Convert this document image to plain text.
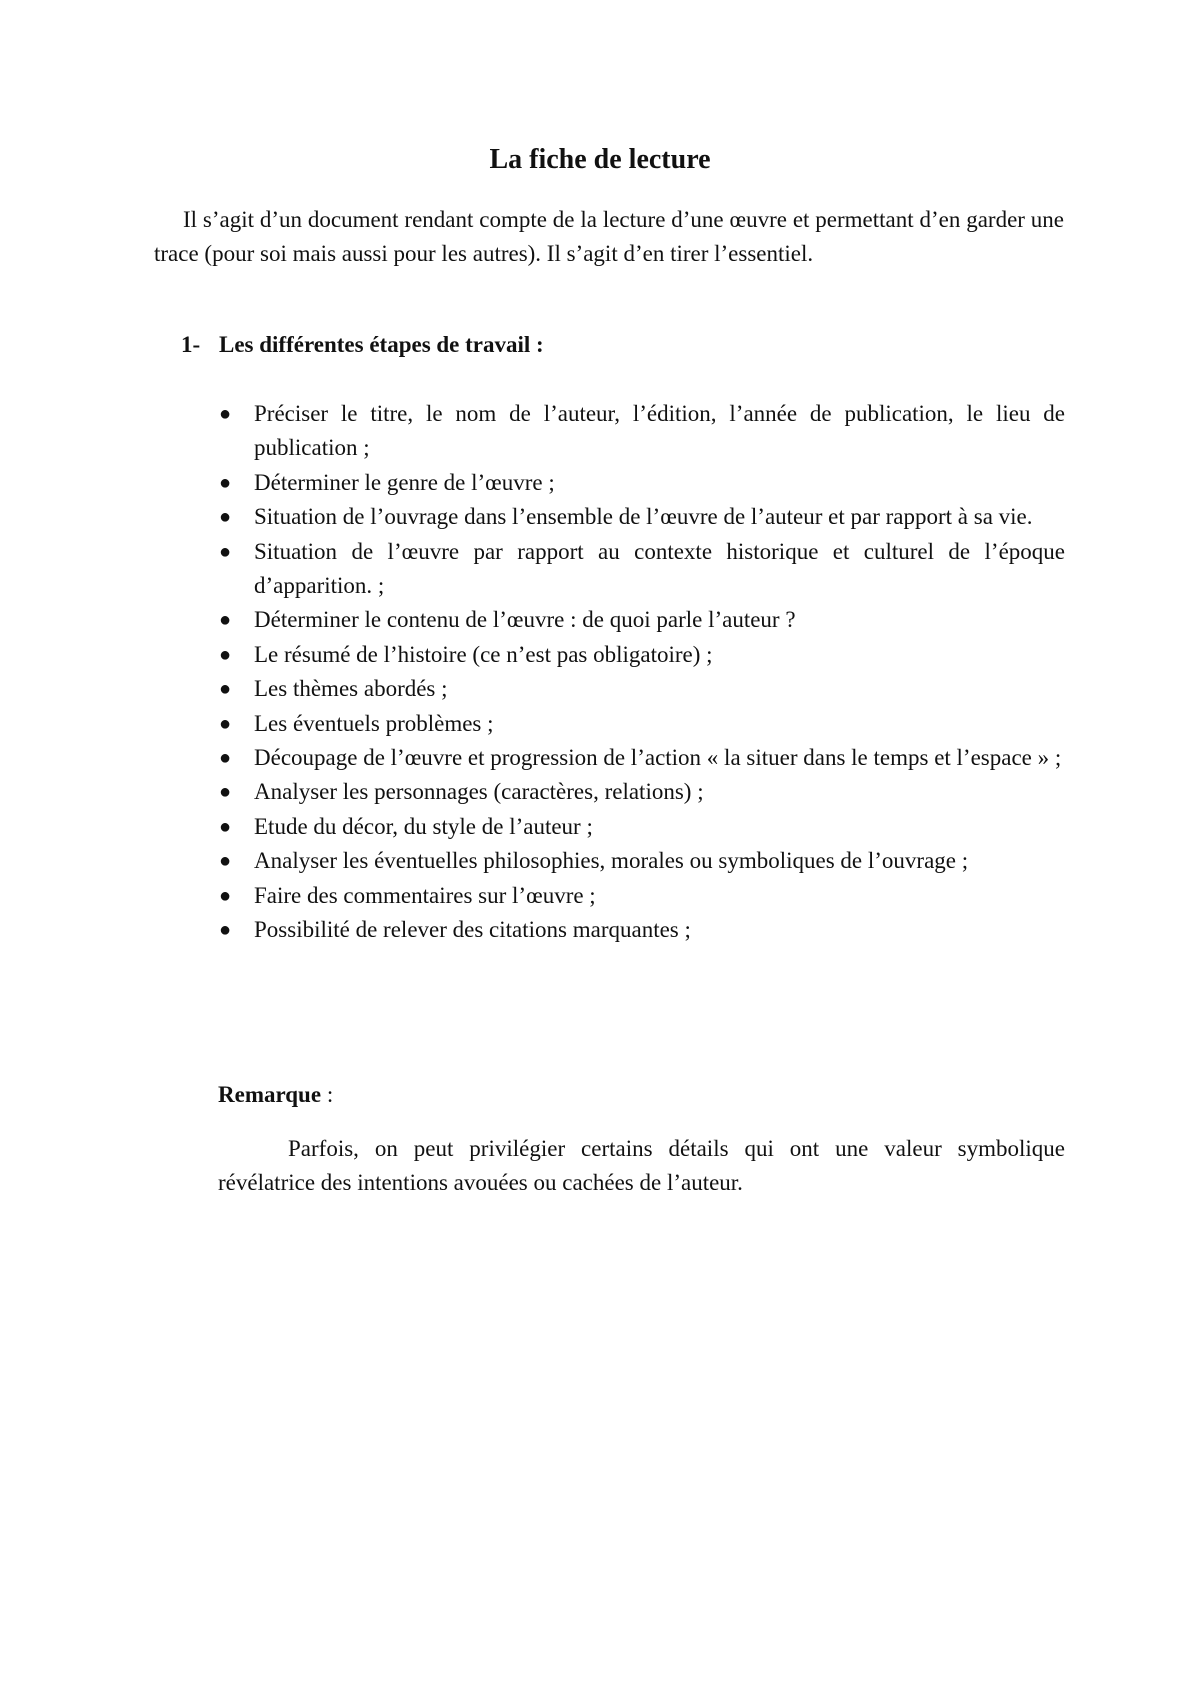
La fiche de lecture

Il s’agit d’un document rendant compte de la lecture d’une œuvre et permettant d’en garder une trace (pour soi mais aussi pour les autres). Il s’agit d’en tirer l’essentiel.

1- Les différentes étapes de travail :
● Préciser le titre, le nom de l’auteur, l’édition, l’année de publication, le lieu de publication ;
● Déterminer le genre de l’œuvre ;
● Situation de l’ouvrage dans l’ensemble de l’œuvre de l’auteur et par rapport à sa vie.
● Situation de l’œuvre par rapport au contexte historique et culturel de l’époque d’apparition. ;
● Déterminer le contenu de l’œuvre : de quoi parle l’auteur ?
● Le résumé de l’histoire (ce n’est pas obligatoire) ;
● Les thèmes abordés ;
● Les éventuels problèmes ;
● Découpage de l’œuvre et progression de l’action « la situer dans le temps et l’espace » ;
● Analyser les personnages (caractères, relations) ;
● Etude du décor, du style de l’auteur ;
● Analyser les éventuelles philosophies, morales ou symboliques de l’ouvrage ;
● Faire des commentaires sur l’œuvre ;
● Possibilité de relever des citations marquantes ;
Remarque :

Parfois, on peut privilégier certains détails qui ont une valeur symbolique révélatrice des intentions avouées ou cachées de l’auteur.
